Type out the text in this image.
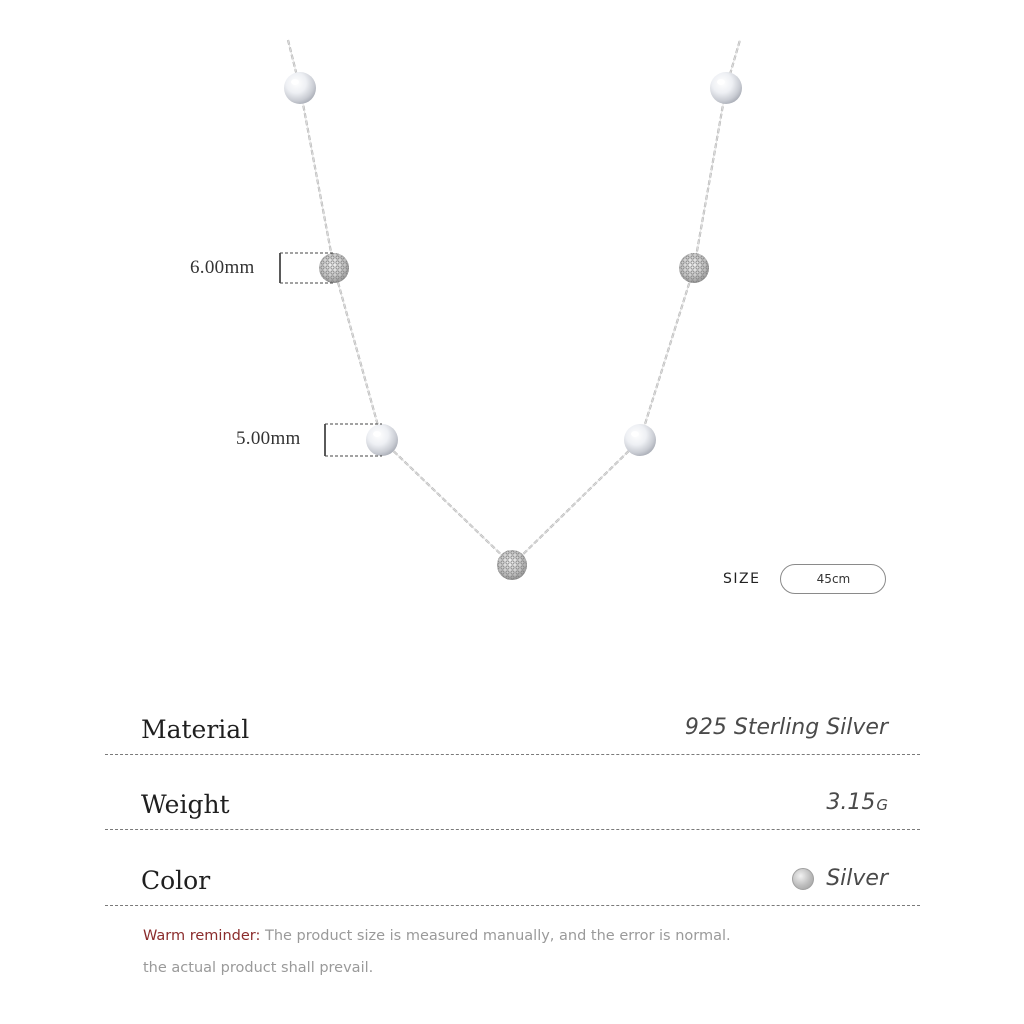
6.00mm
5.00mm
SIZE	45cm
Material	925 Sterling Silver
Weight	3.15 G
Color	Silver
Warm reminder: The product size is measured manually, and the error is normal.
the actual product shall prevail.
